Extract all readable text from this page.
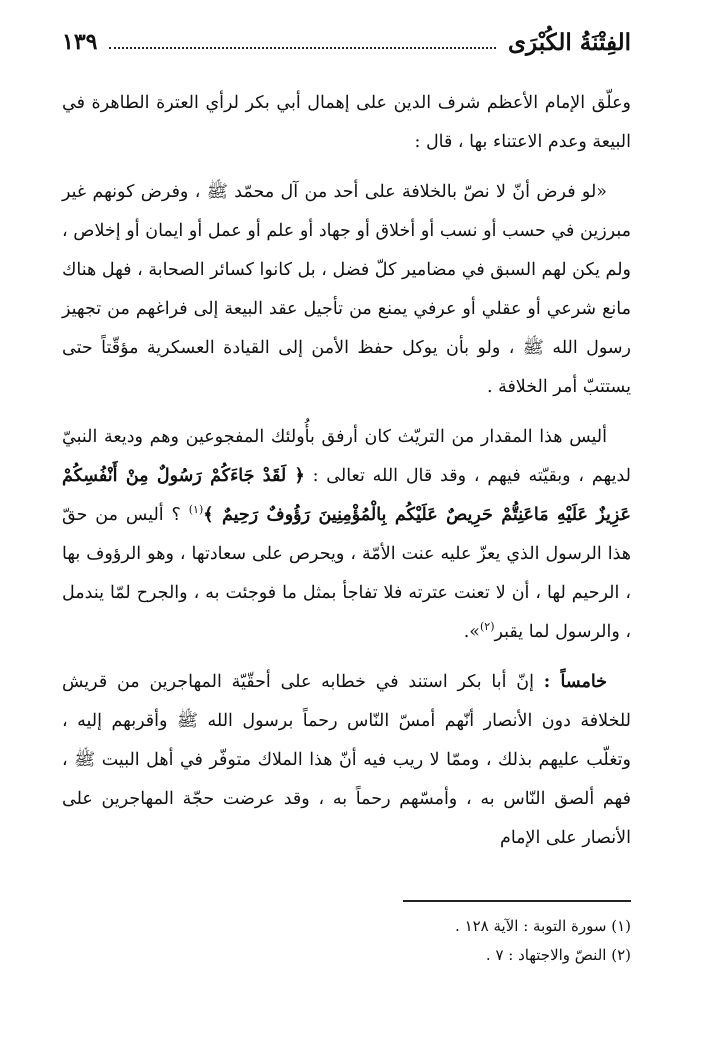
الفِتْنَةُ الكُبْرَى
١٣٩

وعلّق الإمام الأعظم شرف الدين على إهمال أبي بكر لرأي العترة الطاهرة في البيعة وعدم الاعتناء بها ، قال :

«لو فرض أنّ لا نصّ بالخلافة على أحد من آل محمّد ﷺ ، وفرض كونهم غير مبرزين في حسب أو نسب أو أخلاق أو جهاد أو علم أو عمل أو ايمان أو إخلاص ، ولم يكن لهم السبق في مضامير كلّ فضل ، بل كانوا كسائر الصحابة ، فهل هناك مانع شرعي أو عقلي أو عرفي يمنع من تأجيل عقد البيعة إلى فراغهم من تجهيز رسول الله ﷺ ، ولو بأن يوكل حفظ الأمن إلى القيادة العسكرية مؤقّتاً حتى يستتبّ أمر الخلافة .

أليس هذا المقدار من التريّث كان أرفق بأُولئك المفجوعين وهم وديعة النبيّ لديهم ، وبقيّته فيهم ، وقد قال الله تعالى : ﴿ لَقَدْ جَاءَكُمْ رَسُولٌ مِنْ أَنْفُسِكُمْ عَزِيزٌ عَلَيْهِ مَاعَنِتُّمْ حَرِيصٌ عَلَيْكُم بِالْمُؤْمِنِينَ رَؤُوفٌ رَحِيمٌ ﴾$^{(١)}$ ؟ أليس من حقّ هذا الرسول الذي يعزّ عليه عنت الأمّة ، ويحرص على سعادتها ، وهو الرؤوف بها ، الرحيم لها ، أن لا تعنت عترته فلا تفاجأ بمثل ما فوجئت به ، والجرح لمّا يندمل ، والرسول لما يقبر$^{(٢)}$».

خامساً : إنّ أبا بكر استند في خطابه على أحقّيّة المهاجرين من قريش للخلافة دون الأنصار أنّهم أمسّ النّاس رحماً برسول الله ﷺ وأقربهم إليه ، وتغلّب عليهم بذلك ، وممّا لا ريب فيه أنّ هذا الملاك متوفّر في أهل البيت ﷺ ، فهم ألصق النّاس به ، وأمسّهم رحماً به ، وقد عرضت حجّة المهاجرين على الأنصار على الإمام

(١) سورة التوبة : الآية ١٢٨ .

(٢) النصّ والاجتهاد : ٧ .
